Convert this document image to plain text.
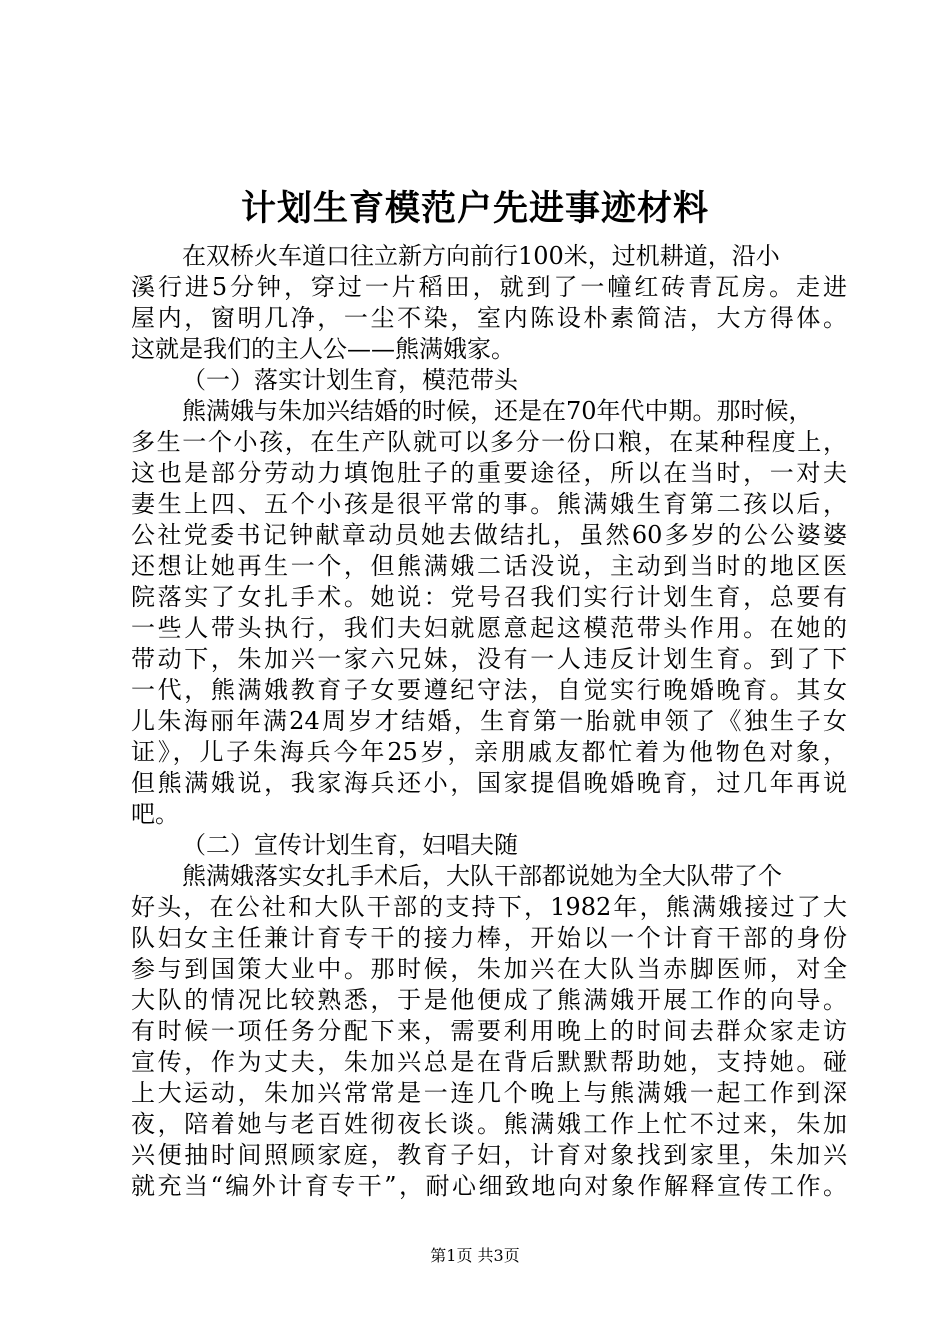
计划生育模范户先进事迹材料
在双桥火车道口往立新方向前行100米，过机耕道，沿小
溪行进5分钟，穿过一片稻田，就到了一幢红砖青瓦房。走进
屋内，窗明几净，一尘不染，室内陈设朴素简洁，大方得体。
这就是我们的主人公——熊满娥家。
（一）落实计划生育，模范带头
熊满娥与朱加兴结婚的时候，还是在70年代中期。那时候，
多生一个小孩，在生产队就可以多分一份口粮，在某种程度上，
这也是部分劳动力填饱肚子的重要途径，所以在当时，一对夫
妻生上四、五个小孩是很平常的事。熊满娥生育第二孩以后，
公社党委书记钟献章动员她去做结扎，虽然60多岁的公公婆婆
还想让她再生一个，但熊满娥二话没说，主动到当时的地区医
院落实了女扎手术。她说：党号召我们实行计划生育，总要有
一些人带头执行，我们夫妇就愿意起这模范带头作用。在她的
带动下，朱加兴一家六兄妹，没有一人违反计划生育。到了下
一代，熊满娥教育子女要遵纪守法，自觉实行晚婚晚育。其女
儿朱海丽年满24周岁才结婚，生育第一胎就申领了《独生子女
证》，儿子朱海兵今年25岁，亲朋戚友都忙着为他物色对象，
但熊满娥说，我家海兵还小，国家提倡晚婚晚育，过几年再说
吧。
（二）宣传计划生育，妇唱夫随
熊满娥落实女扎手术后，大队干部都说她为全大队带了个
好头，在公社和大队干部的支持下，1982年，熊满娥接过了大
队妇女主任兼计育专干的接力棒，开始以一个计育干部的身份
参与到国策大业中。那时候，朱加兴在大队当赤脚医师，对全
大队的情况比较熟悉，于是他便成了熊满娥开展工作的向导。
有时候一项任务分配下来，需要利用晚上的时间去群众家走访
宣传，作为丈夫，朱加兴总是在背后默默帮助她，支持她。碰
上大运动，朱加兴常常是一连几个晚上与熊满娥一起工作到深
夜，陪着她与老百姓彻夜长谈。熊满娥工作上忙不过来，朱加
兴便抽时间照顾家庭，教育子妇，计育对象找到家里，朱加兴
就充当“编外计育专干”，耐心细致地向对象作解释宣传工作。
第1页 共3页
